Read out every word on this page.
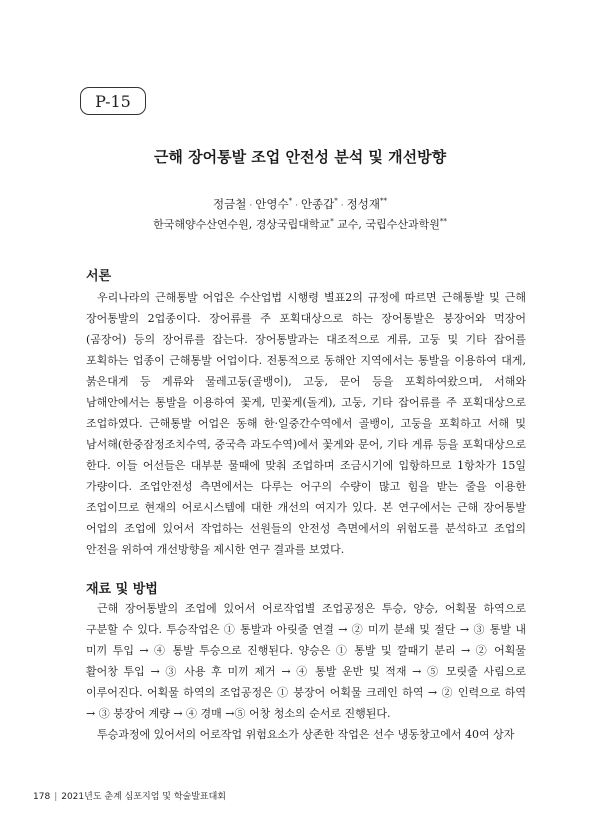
P-15
근해 장어통발 조업 안전성 분석 및 개선방향
정금철 · 안영수* · 안종갑* · 정성재**
한국해양수산연수원, 경상국립대학교* 교수, 국립수산과학원**
서론

우리나라의 근해통발 어업은 수산업법 시행령 별표2의 규정에 따르면 근해통발 및 근해 장어통발의 2업종이다. 장어류를 주 포획대상으로 하는 장어통발은 붕장어와 먹장어(곰장어) 등의 장어류를 잡는다. 장어통발과는 대조적으로 게류, 고둥 및 기타 잡어를 포획하는 업종이 근해통발 어업이다. 전통적으로 동해안 지역에서는 통발을 이용하여 대게, 붉은대게 등 게류와 물레고둥(골뱅이), 고둥, 문어 등을 포획하여왔으며, 서해와 남해안에서는 통발을 이용하여 꽃게, 민꽃게(돌게), 고둥, 기타 잡어류를 주 포획대상으로 조업하였다. 근해통발 어업은 동해 한·일중간수역에서 골뱅이, 고둥을 포획하고 서해 및 남서해(한중잠정조치수역, 중국측 과도수역)에서 꽃게와 문어, 기타 게류 등을 포획대상으로 한다. 이들 어선들은 대부분 물때에 맞춰 조업하며 조금시기에 입항하므로 1항차가 15일 가량이다. 조업안전성 측면에서는 다루는 어구의 수량이 많고 힘을 받는 줄을 이용한 조업이므로 현재의 어로시스템에 대한 개선의 여지가 있다. 본 연구에서는 근해 장어통발 어업의 조업에 있어서 작업하는 선원들의 안전성 측면에서의 위험도를 분석하고 조업의 안전을 위하여 개선방향을 제시한 연구 결과를 보였다.

재료 및 방법

근해 장어통발의 조업에 있어서 어로작업별 조업공정은 투승, 양승, 어획물 하역으로 구분할 수 있다. 투승작업은 ① 통발과 아릿줄 연결 → ② 미끼 분쇄 및 절단 → ③ 통발 내 미끼 투입 → ④ 통발 투승으로 진행된다. 양승은 ① 통발 및 깔때기 분리 → ② 어획물 활어창 투입 → ③ 사용 후 미끼 제거 → ④ 통발 운반 및 적재 → ⑤ 모릿줄 사림으로 이루어진다. 어획물 하역의 조업공정은 ① 붕장어 어획물 크레인 하역 → ② 인력으로 하역 → ③ 붕장어 계량 → ④ 경매 →⑤ 어창 청소의 순서로 진행된다.

투승과정에 있어서의 어로작업 위험요소가 상존한 작업은 선수 냉동창고에서 40여 상자

178 | 2021년도 춘계 심포지엄 및 학술발표대회
